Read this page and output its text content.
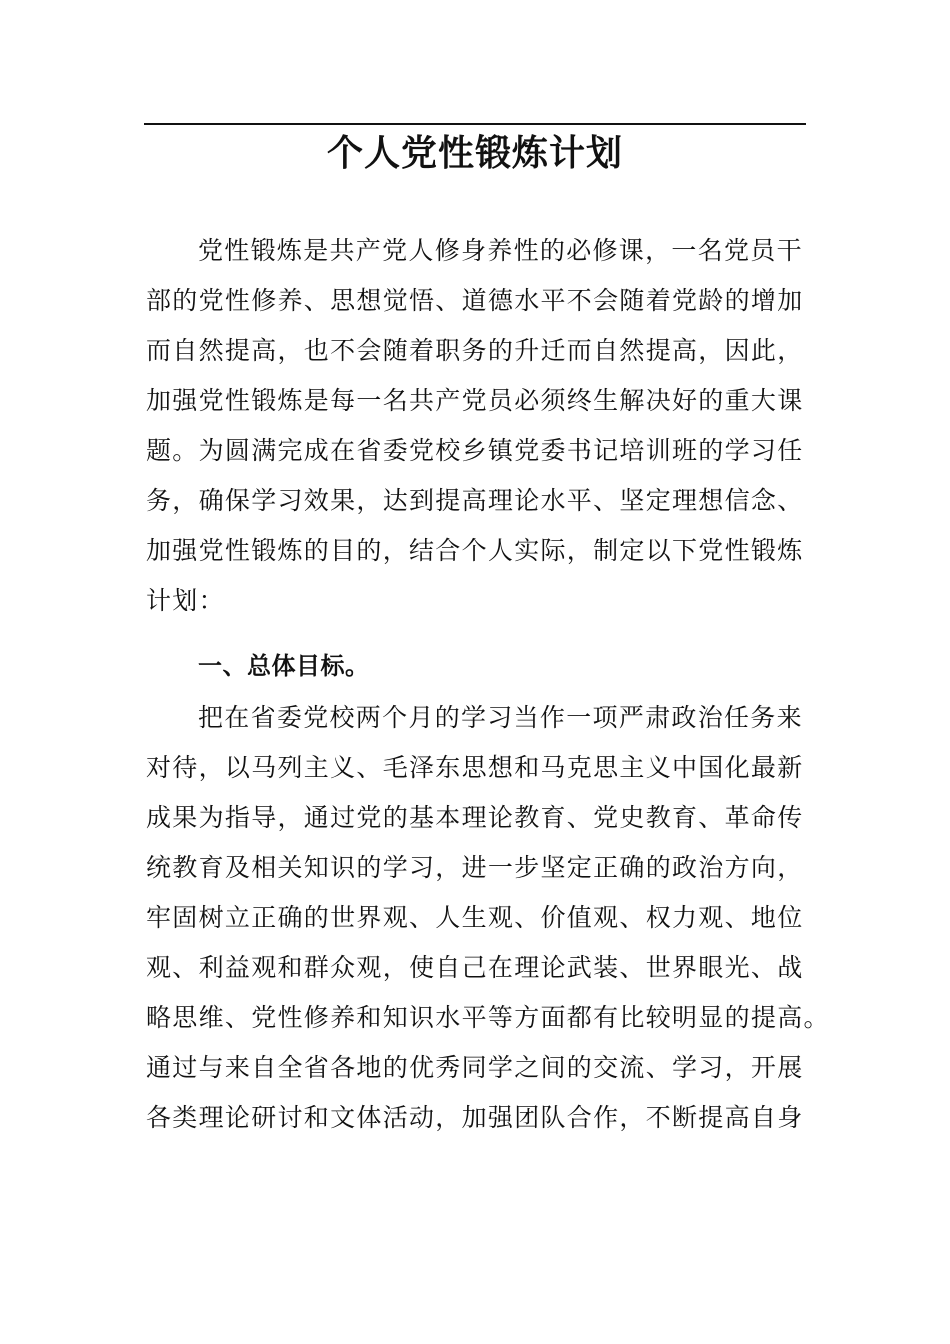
个人党性锻炼计划
党性锻炼是共产党人修身养性的必修课，一名党员干
部的党性修养、思想觉悟、道德水平不会随着党龄的增加
而自然提高，也不会随着职务的升迁而自然提高，因此，
加强党性锻炼是每一名共产党员必须终生解决好的重大课
题。为圆满完成在省委党校乡镇党委书记培训班的学习任
务，确保学习效果，达到提高理论水平、坚定理想信念、
加强党性锻炼的目的，结合个人实际，制定以下党性锻炼
计划：
一、总体目标。
把在省委党校两个月的学习当作一项严肃政治任务来
对待，以马列主义、毛泽东思想和马克思主义中国化最新
成果为指导，通过党的基本理论教育、党史教育、革命传
统教育及相关知识的学习，进一步坚定正确的政治方向，
牢固树立正确的世界观、人生观、价值观、权力观、地位
观、利益观和群众观，使自己在理论武装、世界眼光、战
略思维、党性修养和知识水平等方面都有比较明显的提高。
通过与来自全省各地的优秀同学之间的交流、学习，开展
各类理论研讨和文体活动，加强团队合作，不断提高自身
